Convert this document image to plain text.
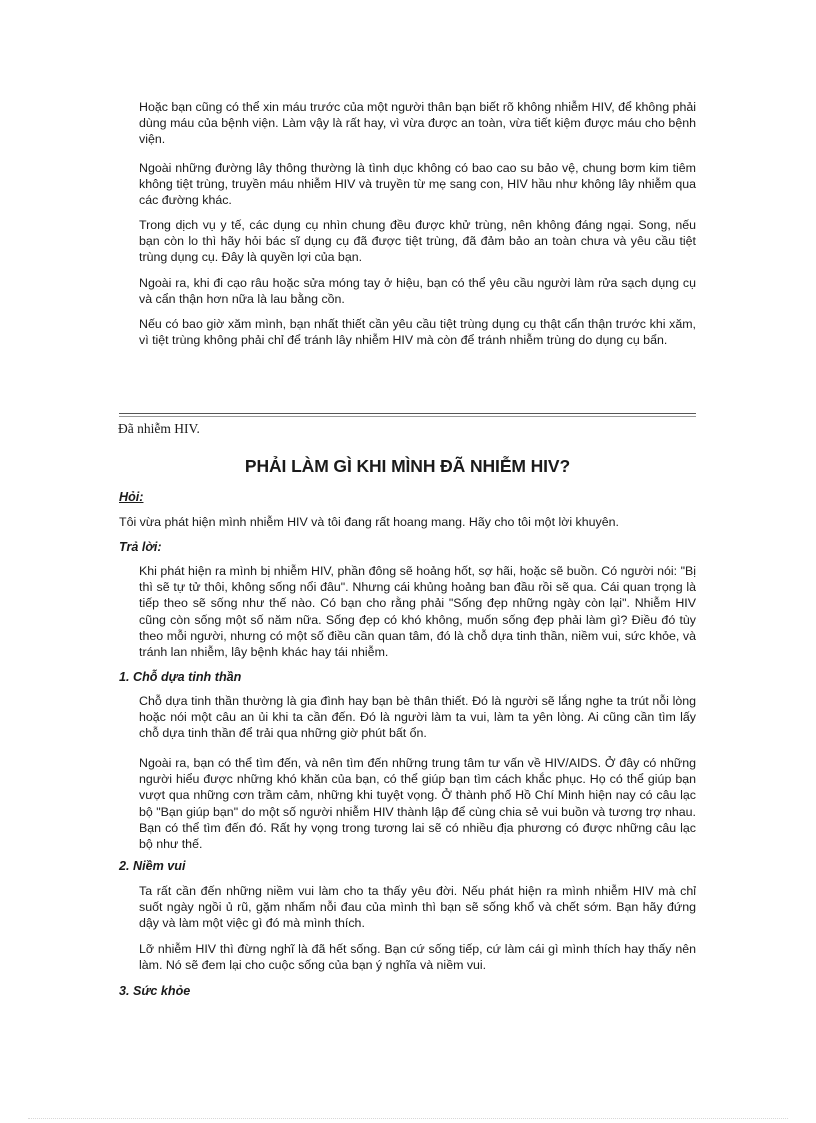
Hoặc bạn cũng có thể xin máu trước của một người thân bạn biết rõ không nhiễm HIV, để không phải dùng máu của bệnh viện. Làm vậy là rất hay, vì vừa được an toàn, vừa tiết kiệm được máu cho bệnh viện.

Ngoài những đường lây thông thường là tình dục không có bao cao su bảo vệ, chung bơm kim tiêm không tiệt trùng, truyền máu nhiễm HIV và truyền từ mẹ sang con, HIV hầu như không lây nhiễm qua các đường khác.

Trong dịch vụ y tế, các dụng cụ nhìn chung đều được khử trùng, nên không đáng ngại. Song, nếu bạn còn lo thì hãy hỏi bác sĩ dụng cụ đã được tiệt trùng, đã đảm bảo an toàn chưa và yêu cầu tiệt trùng dụng cụ. Đây là quyền lợi của bạn.

Ngoài ra, khi đi cạo râu hoặc sửa móng tay ở hiệu, bạn có thể yêu cầu người làm rửa sạch dụng cụ và cẩn thận hơn nữa là lau bằng cồn.

Nếu có bao giờ xăm mình, bạn nhất thiết cần yêu cầu tiệt trùng dụng cụ thật cẩn thận trước khi xăm, vì tiệt trùng không phải chỉ để tránh lây nhiễm HIV mà còn để tránh nhiễm trùng do dụng cụ bẩn.

Đã nhiễm HIV.

PHẢI LÀM GÌ KHI MÌNH ĐÃ NHIỄM HIV?

Hỏi:

Tôi vừa phát hiện mình nhiễm HIV và tôi đang rất hoang mang. Hãy cho tôi một lời khuyên.

Trả lời:

Khi phát hiện ra mình bị nhiễm HIV, phần đông sẽ hoảng hốt, sợ hãi, hoặc sẽ buồn. Có người nói: "Bị thì sẽ tự tử thôi, không sống nổi đâu". Nhưng cái khủng hoảng ban đầu rồi sẽ qua. Cái quan trọng là tiếp theo sẽ sống như thế nào. Có bạn cho rằng phải "Sống đẹp những ngày còn lại". Nhiễm HIV cũng còn sống một số năm nữa. Sống đẹp có khó không, muốn sống đẹp phải làm gì? Điều đó tùy theo mỗi người, nhưng có một số điều cần quan tâm, đó là chỗ dựa tinh thần, niềm vui, sức khỏe, và tránh lan nhiễm, lây bệnh khác hay tái nhiễm.

1. Chỗ dựa tinh thần

Chỗ dựa tinh thần thường là gia đình hay bạn bè thân thiết. Đó là người sẽ lắng nghe ta trút nỗi lòng hoặc nói một câu an ủi khi ta cần đến. Đó là người làm ta vui, làm ta yên lòng. Ai cũng cần tìm lấy chỗ dựa tinh thần để trải qua những giờ phút bất ổn.

Ngoài ra, bạn có thể tìm đến, và nên tìm đến những trung tâm tư vấn về HIV/AIDS. Ở đây có những người hiểu được những khó khăn của bạn, có thể giúp bạn tìm cách khắc phục. Họ có thể giúp bạn vượt qua những cơn trầm cảm, những khi tuyệt vọng. Ở thành phố Hồ Chí Minh hiện nay có câu lạc bộ "Bạn giúp bạn" do một số người nhiễm HIV thành lập để cùng chia sẻ vui buồn và tương trợ nhau. Bạn có thể tìm đến đó. Rất hy vọng trong tương lai sẽ có nhiều địa phương có được những câu lạc bộ như thế.

2. Niềm vui

Ta rất cần đến những niềm vui làm cho ta thấy yêu đời. Nếu phát hiện ra mình nhiễm HIV mà chỉ suốt ngày ngồi ủ rũ, gặm nhấm nỗi đau của mình thì bạn sẽ sống khổ và chết sớm. Bạn hãy đứng dậy và làm một việc gì đó mà mình thích.

Lỡ nhiễm HIV thì đừng nghĩ là đã hết sống. Bạn cứ sống tiếp, cứ làm cái gì mình thích hay thấy nên làm. Nó sẽ đem lại cho cuộc sống của bạn ý nghĩa và niềm vui.

3. Sức khỏe
